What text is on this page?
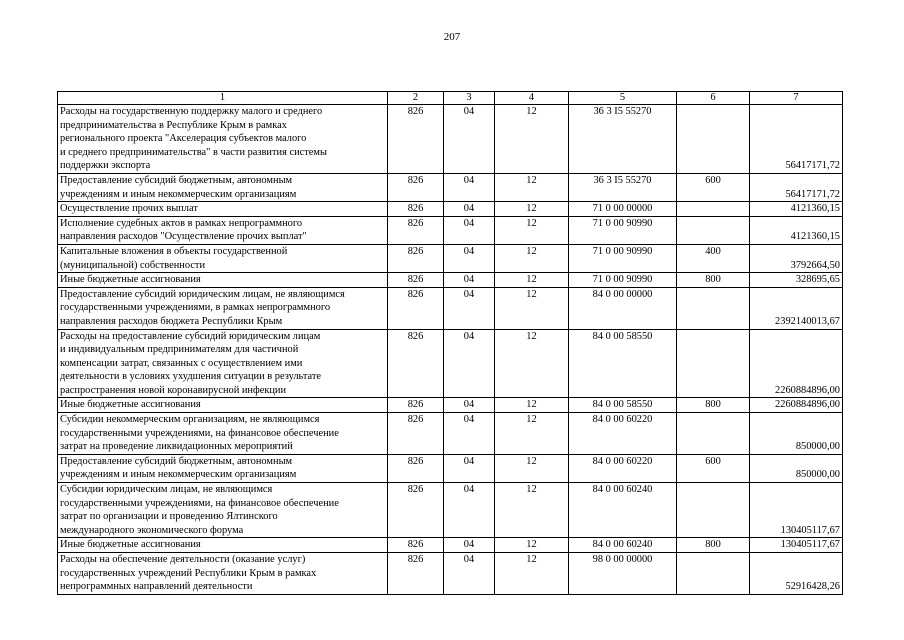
207
1	2	3	4	5	6	7
Расходы на государственную поддержку малого и среднего
предпринимательства в Республике Крым в рамках
регионального проекта "Акселерация субъектов малого
и среднего предпринимательства" в части развития системы
поддержки экспорта	826	04	12	36 3 I5 55270		56417171,72
Предоставление субсидий бюджетным, автономным
учреждениям и иным некоммерческим организациям	826	04	12	36 3 I5 55270	600	56417171,72
Осуществление прочих выплат	826	04	12	71 0 00 00000		4121360,15
Исполнение судебных актов в рамках непрограммного
направления расходов "Осуществление прочих выплат"	826	04	12	71 0 00 90990		4121360,15
Капитальные вложения в объекты государственной
(муниципальной) собственности	826	04	12	71 0 00 90990	400	3792664,50
Иные бюджетные ассигнования	826	04	12	71 0 00 90990	800	328695,65
Предоставление субсидий юридическим лицам, не являющимся
государственными учреждениями, в рамках непрограммного
направления расходов бюджета Республики Крым	826	04	12	84 0 00 00000		2392140013,67
Расходы на предоставление субсидий юридическим лицам
и индивидуальным предпринимателям для частичной
компенсации затрат, связанных с осуществлением ими
деятельности в условиях ухудшения ситуации в результате
распространения новой коронавирусной инфекции	826	04	12	84 0 00 58550		2260884896,00
Иные бюджетные ассигнования	826	04	12	84 0 00 58550	800	2260884896,00
Субсидии некоммерческим организациям, не являющимся
государственными учреждениями, на финансовое обеспечение
затрат на проведение ликвидационных мероприятий	826	04	12	84 0 00 60220		850000,00
Предоставление субсидий бюджетным, автономным
учреждениям и иным некоммерческим организациям	826	04	12	84 0 00 60220	600	850000,00
Субсидии юридическим лицам, не являющимся
государственными учреждениями, на финансовое обеспечение
затрат по организации и проведению Ялтинского
международного экономического форума	826	04	12	84 0 00 60240		130405117,67
Иные бюджетные ассигнования	826	04	12	84 0 00 60240	800	130405117,67
Расходы на обеспечение деятельности (оказание услуг)
государственных учреждений Республики Крым в рамках
непрограммных направлений деятельности	826	04	12	98 0 00 00000		52916428,26
